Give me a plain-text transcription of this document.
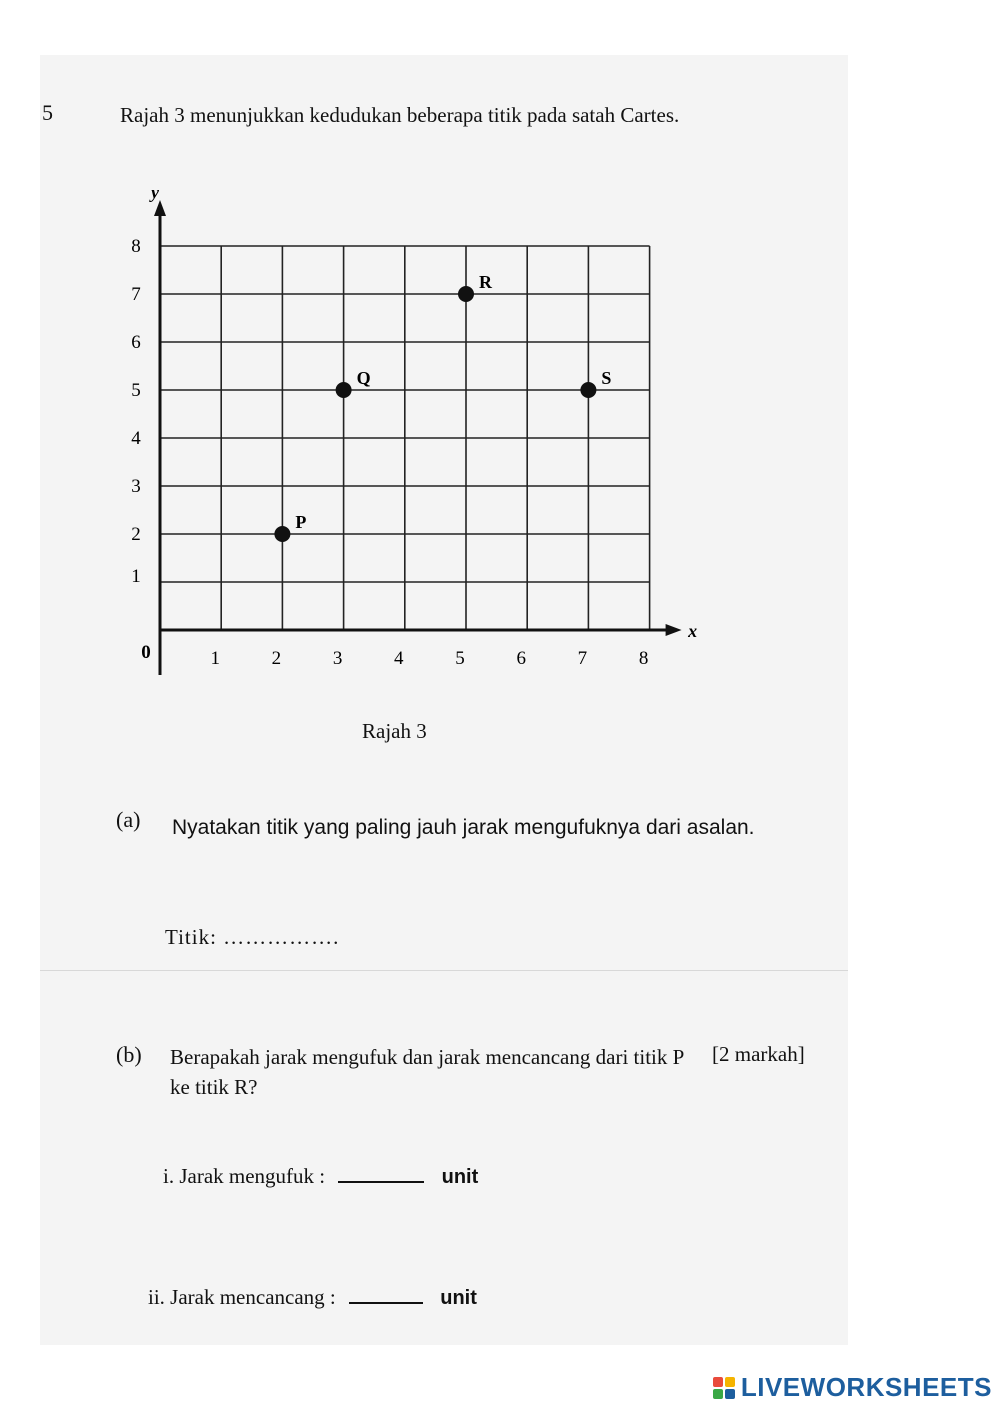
5	Rajah 3 menunjukkan kedudukan beberapa titik pada satah Cartes.
y
x
0	1	2	3	4	5	6	7	8
1
2
3
4
5
6
7
8
P
Q
R
S
Rajah 3
(a) Nyatakan titik yang paling jauh jarak mengufuknya dari asalan.
Titik: …………….
(b) Berapakah jarak mengufuk dan jarak mencancang dari titik P ke titik R?
[2 markah]
i. Jarak mengufuk :	unit
ii. Jarak mencancang :	unit
LIVEWORKSHEETS
